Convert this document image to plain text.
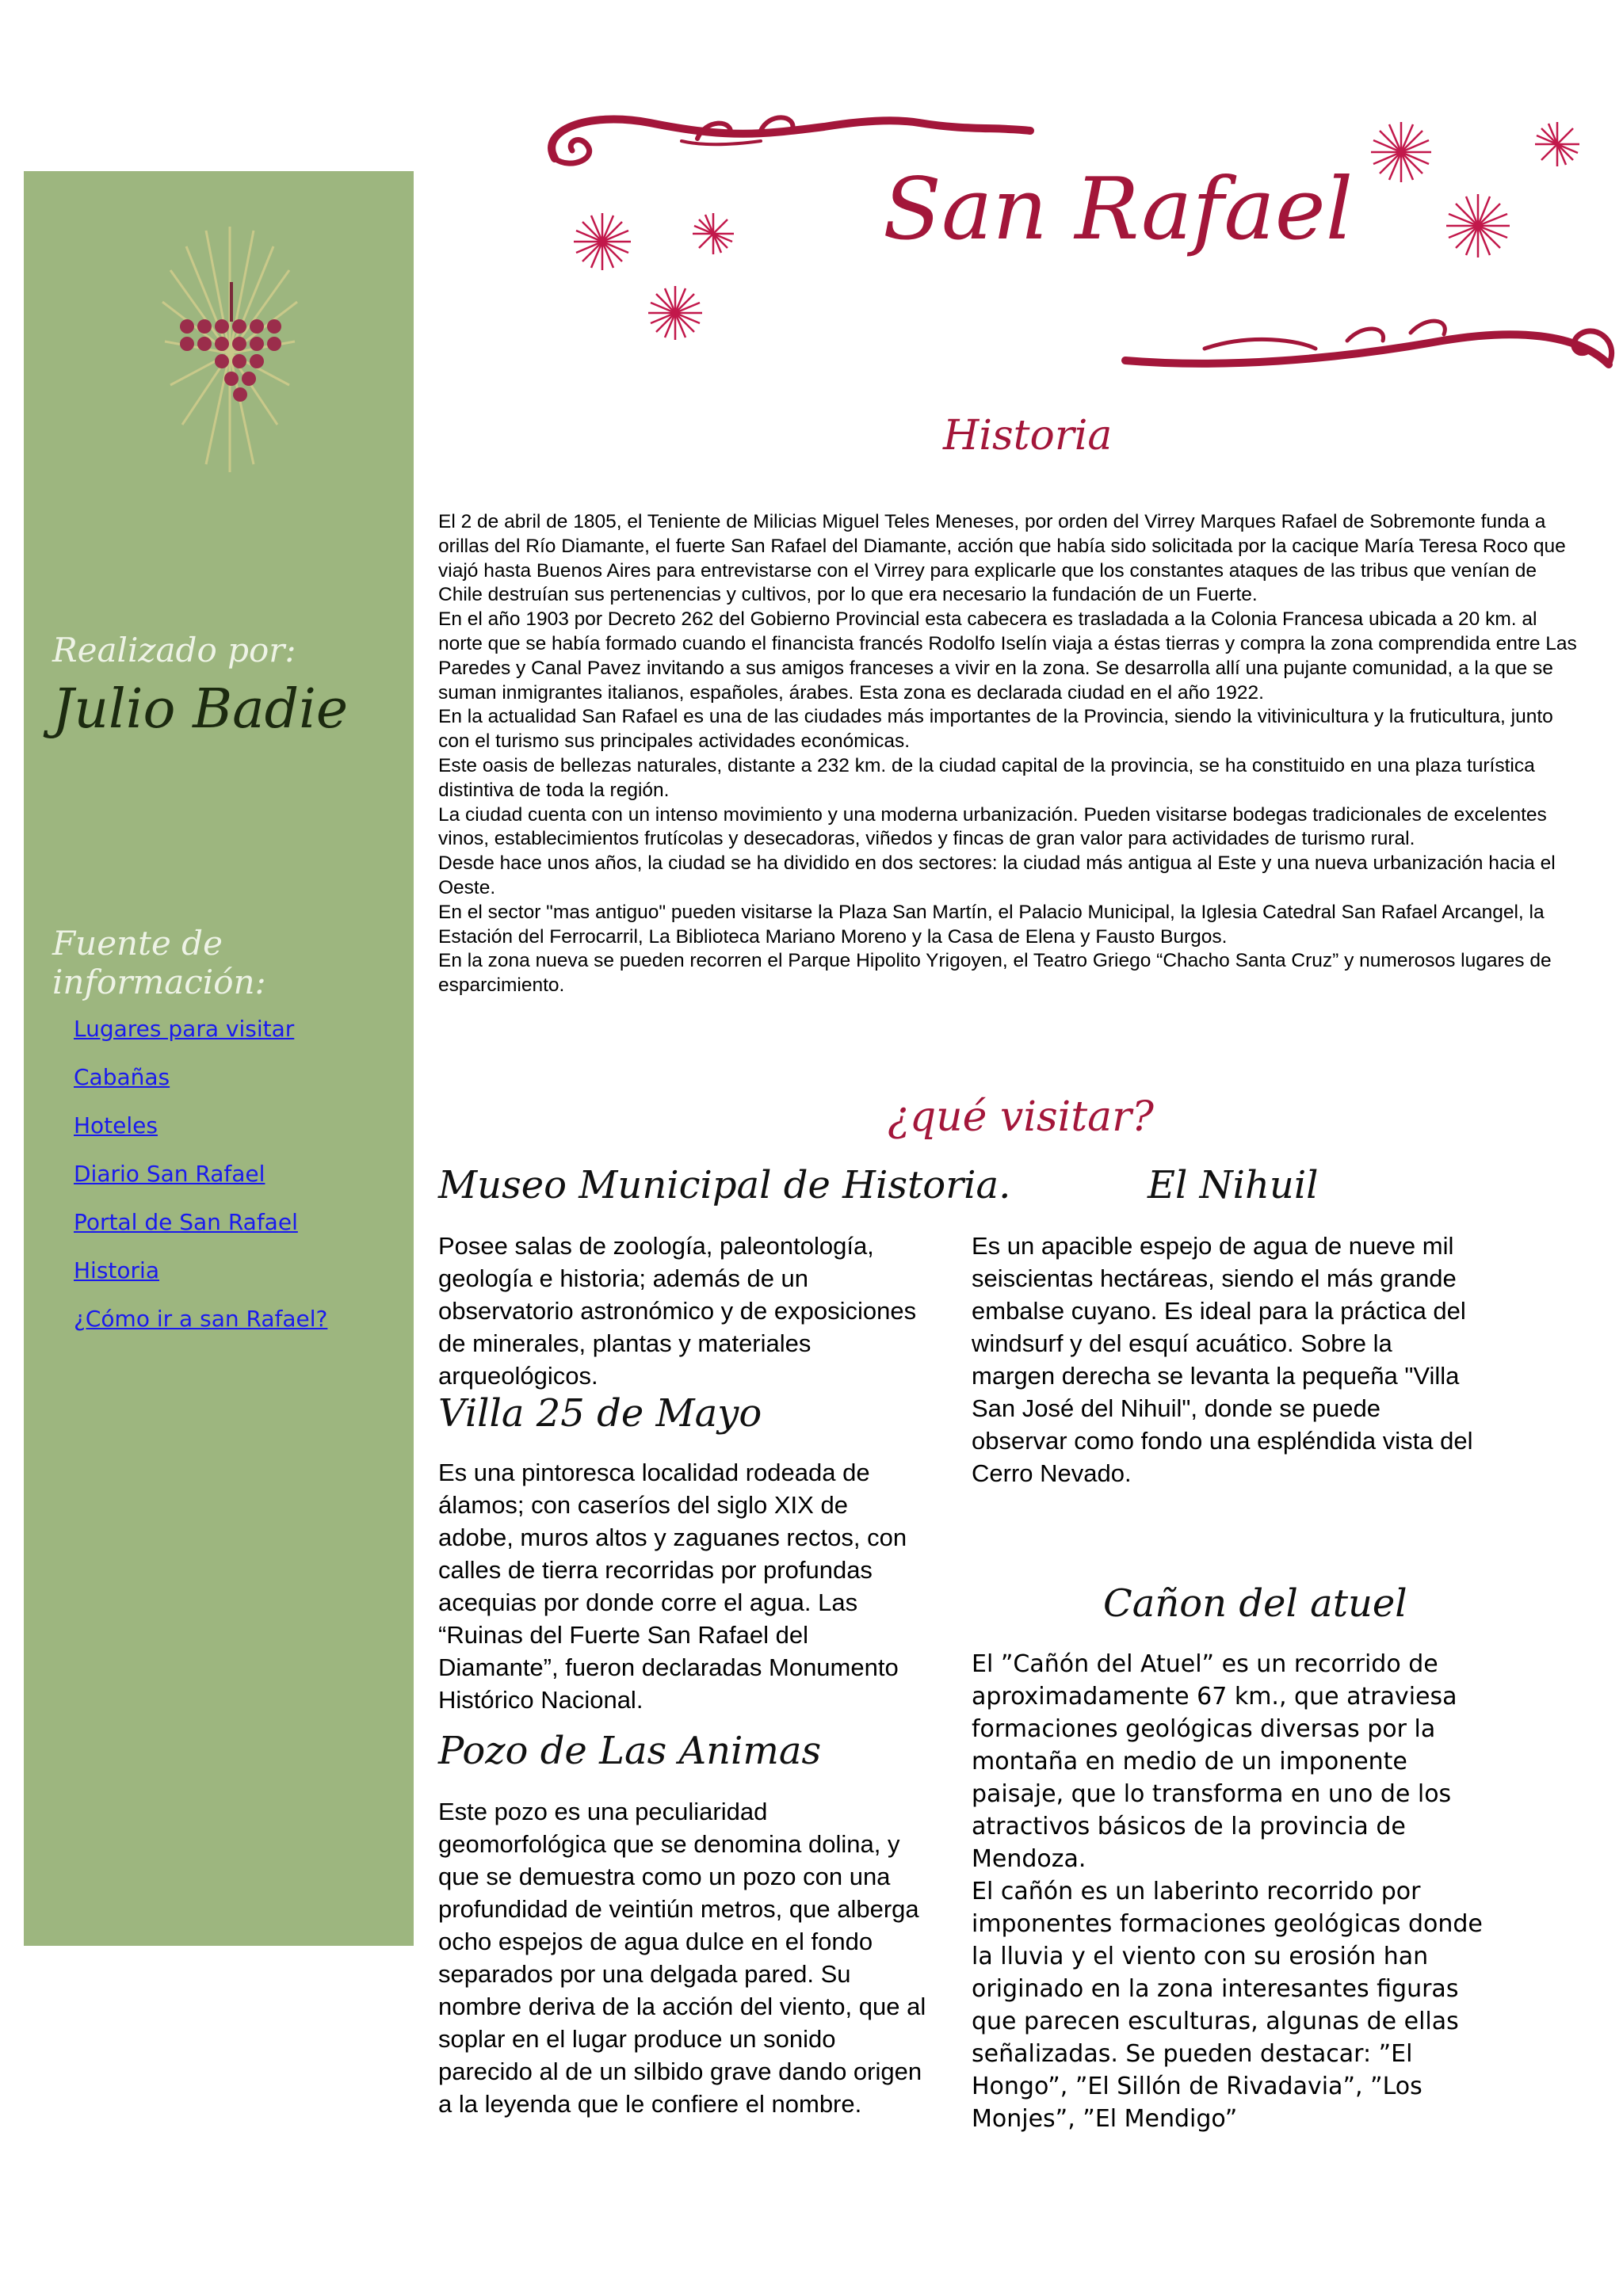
Realizado por:
Julio Badie
Fuente de información:
Lugares para visitar
Cabañas
Hoteles
Diario San Rafael
Portal de San Rafael
Historia
¿Cómo ir a san Rafael?
San Rafael
Historia

El 2 de abril de 1805, el Teniente de Milicias Miguel Teles Meneses, por orden del Virrey Marques Rafael de Sobremonte funda a orillas del Río Diamante, el fuerte San Rafael del Diamante, acción que había sido solicitada por la cacique María Teresa Roco que viajó hasta Buenos Aires para entrevistarse con el Virrey para explicarle que los constantes ataques de las tribus que venían de Chile destruían sus pertenencias y cultivos, por lo que era necesario la fundación de un Fuerte.

En el año 1903 por Decreto 262 del Gobierno Provincial esta cabecera es trasladada a la Colonia Francesa ubicada a 20 km. al norte que se había formado cuando el financista francés Rodolfo Iselín viaja a éstas tierras y compra la zona comprendida entre Las Paredes y Canal Pavez invitando a sus amigos franceses a vivir en la zona. Se desarrolla allí una pujante comunidad, a la que se suman inmigrantes italianos, españoles, árabes. Esta zona es declarada ciudad en el año 1922.

En la actualidad San Rafael es una de las ciudades más importantes de la Provincia, siendo la vitivinicultura y la fruticultura, junto con el turismo sus principales actividades económicas.

Este oasis de bellezas naturales, distante a 232 km. de la ciudad capital de la provincia, se ha constituido en una plaza turística distintiva de toda la región.

La ciudad cuenta con un intenso movimiento y una moderna urbanización. Pueden visitarse bodegas tradicionales de excelentes vinos, establecimientos frutícolas y desecadoras, viñedos y fincas de gran valor para actividades de turismo rural.

Desde hace unos años, la ciudad se ha dividido en dos sectores: la ciudad más antigua al Este y una nueva urbanización hacia el Oeste.

En el sector "mas antiguo" pueden visitarse la Plaza San Martín, el Palacio Municipal, la Iglesia Catedral San Rafael Arcangel, la Estación del Ferrocarril, La Biblioteca Mariano Moreno y la Casa de Elena y Fausto Burgos.

En la zona nueva se pueden recorren el Parque Hipolito Yrigoyen, el Teatro Griego “Chacho Santa Cruz” y numerosos lugares de esparcimiento.

¿qué visitar?
Museo Municipal de Historia.
Posee salas de zoología, paleontología, geología e historia; además de un observatorio astronómico y de exposiciones de minerales, plantas y materiales arqueológicos.
Villa 25 de Mayo
Es una pintoresca localidad rodeada de álamos; con caseríos del siglo XIX de adobe, muros altos y zaguanes rectos, con calles de tierra recorridas por profundas acequias por donde corre el agua. Las “Ruinas del Fuerte San Rafael del Diamante”, fueron declaradas Monumento Histórico Nacional.
Pozo de Las Animas
Este pozo es una peculiaridad geomorfológica que se denomina dolina, y que se demuestra como un pozo con una profundidad de veintiún metros, que alberga ocho espejos de agua dulce en el fondo separados por una delgada pared. Su nombre deriva de la acción del viento, que al soplar en el lugar produce un sonido parecido al de un silbido grave dando origen a la leyenda que le confiere el nombre.
El Nihuil
Es un apacible espejo de agua de nueve mil seiscientas hectáreas, siendo el más grande embalse cuyano. Es ideal para la práctica del windsurf y del esquí acuático. Sobre la margen derecha se levanta la pequeña "Villa San José del Nihuil", donde se puede observar como fondo una espléndida vista del Cerro Nevado.
Cañon del atuel

El ”Cañón del Atuel” es un recorrido de aproximadamente 67 km., que atraviesa formaciones geológicas diversas por la montaña en medio de un imponente paisaje, que lo transforma en uno de los atractivos básicos de la provincia de Mendoza.

El cañón es un laberinto recorrido por imponentes formaciones geológicas donde la lluvia y el viento con su erosión han originado en la zona interesantes figuras que parecen esculturas, algunas de ellas señalizadas. Se pueden destacar: ”El Hongo”, ”El Sillón de Rivadavia”, ”Los Monjes”, ”El Mendigo”
